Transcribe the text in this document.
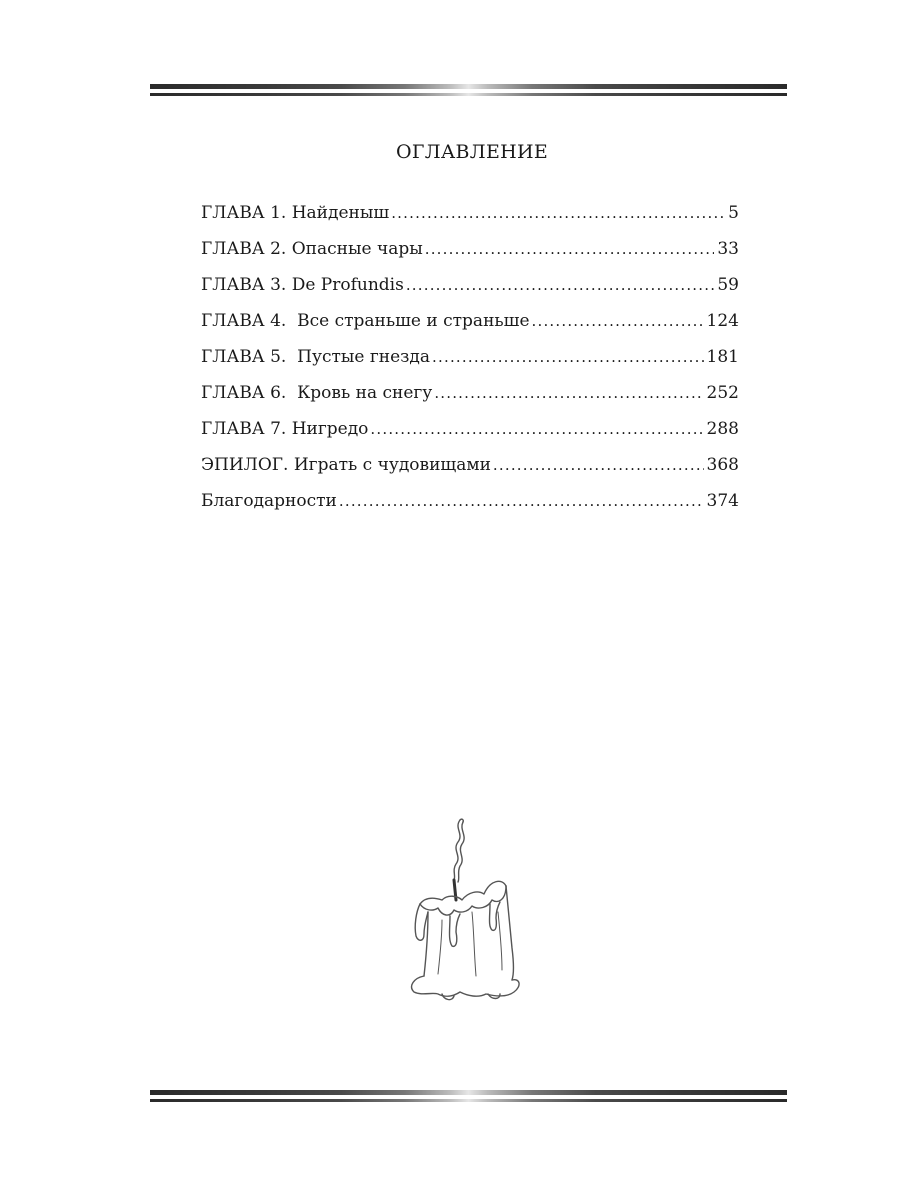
ОГЛАВЛЕНИЕ
ГЛАВА 1. Найденыш .....	5
ГЛАВА 2. Опасные чары .....	33
ГЛАВА 3. De Profundis .....	59
ГЛАВА 4.  Все страньше и страньше .....	124
ГЛАВА 5.  Пустые гнезда .....	181
ГЛАВА 6.  Кровь на снегу .....	252
ГЛАВА 7. Нигредо .....	288
ЭПИЛОГ. Играть с чудовищами .....	368
Благодарности .....	374
